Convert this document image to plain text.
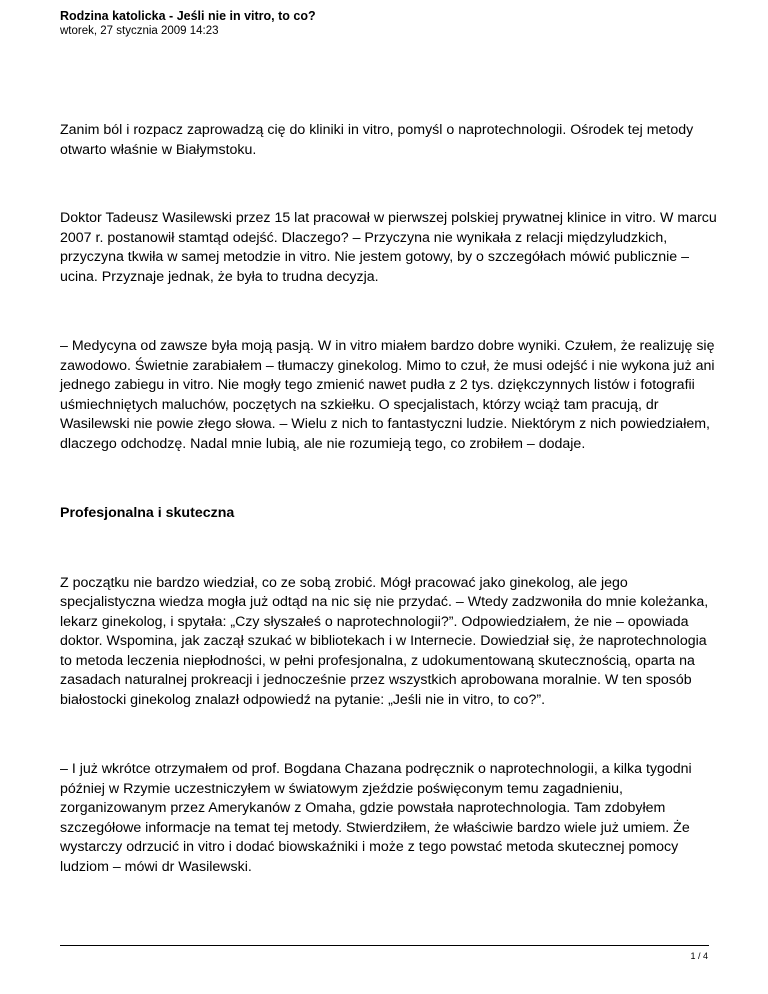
Rodzina katolicka - Jeśli nie in vitro, to co?

wtorek, 27 stycznia 2009 14:23

Zanim ból i rozpacz zaprowadzą cię do kliniki in vitro, pomyśl o naprotechnologii. Ośrodek tej metody otwarto właśnie w Białymstoku.

Doktor Tadeusz Wasilewski przez 15 lat pracował w pierwszej polskiej prywatnej klinice in vitro. W marcu 2007 r. postanowił stamtąd odejść. Dlaczego? – Przyczyna nie wynikała z relacji międzyludzkich, przyczyna tkwiła w samej metodzie in vitro. Nie jestem gotowy, by o szczegółach mówić publicznie – ucina. Przyznaje jednak, że była to trudna decyzja.

– Medycyna od zawsze była moją pasją. W in vitro miałem bardzo dobre wyniki. Czułem, że realizuję się zawodowo. Świetnie zarabiałem – tłumaczy ginekolog. Mimo to czuł, że musi odejść i nie wykona już ani jednego zabiegu in vitro. Nie mogły tego zmienić nawet pudła z 2 tys. dziękczynnych listów i fotografii uśmiechniętych maluchów, poczętych na szkiełku. O specjalistach, którzy wciąż tam pracują, dr Wasilewski nie powie złego słowa. – Wielu z nich to fantastyczni ludzie. Niektórym z nich powiedziałem, dlaczego odchodzę. Nadal mnie lubią, ale nie rozumieją tego, co zrobiłem – dodaje.

Profesjonalna i skuteczna

Z początku nie bardzo wiedział, co ze sobą zrobić. Mógł pracować jako ginekolog, ale jego specjalistyczna wiedza mogła już odtąd na nic się nie przydać. – Wtedy zadzwoniła do mnie koleżanka, lekarz ginekolog, i spytała: „Czy słyszałeś o naprotechnologii?”. Odpowiedziałem, że nie – opowiada doktor. Wspomina, jak zaczął szukać w bibliotekach i w Internecie. Dowiedział się, że naprotechnologia to metoda leczenia niepłodności, w pełni profesjonalna, z udokumentowaną skutecznością, oparta na zasadach naturalnej prokreacji i jednocześnie przez wszystkich aprobowana moralnie. W ten sposób białostocki ginekolog znalazł odpowiedź na pytanie: „Jeśli nie in vitro, to co?”.

– I już wkrótce otrzymałem od prof. Bogdana Chazana podręcznik o naprotechnologii, a kilka tygodni później w Rzymie uczestniczyłem w światowym zjeździe poświęconym temu zagadnieniu, zorganizowanym przez Amerykanów z Omaha, gdzie powstała naprotechnologia. Tam zdobyłem szczegółowe informacje na temat tej metody. Stwierdziłem, że właściwie bardzo wiele już umiem. Że wystarczy odrzucić in vitro i dodać biowskaźniki i może z tego powstać metoda skutecznej pomocy ludziom – mówi dr Wasilewski.

1 / 4
